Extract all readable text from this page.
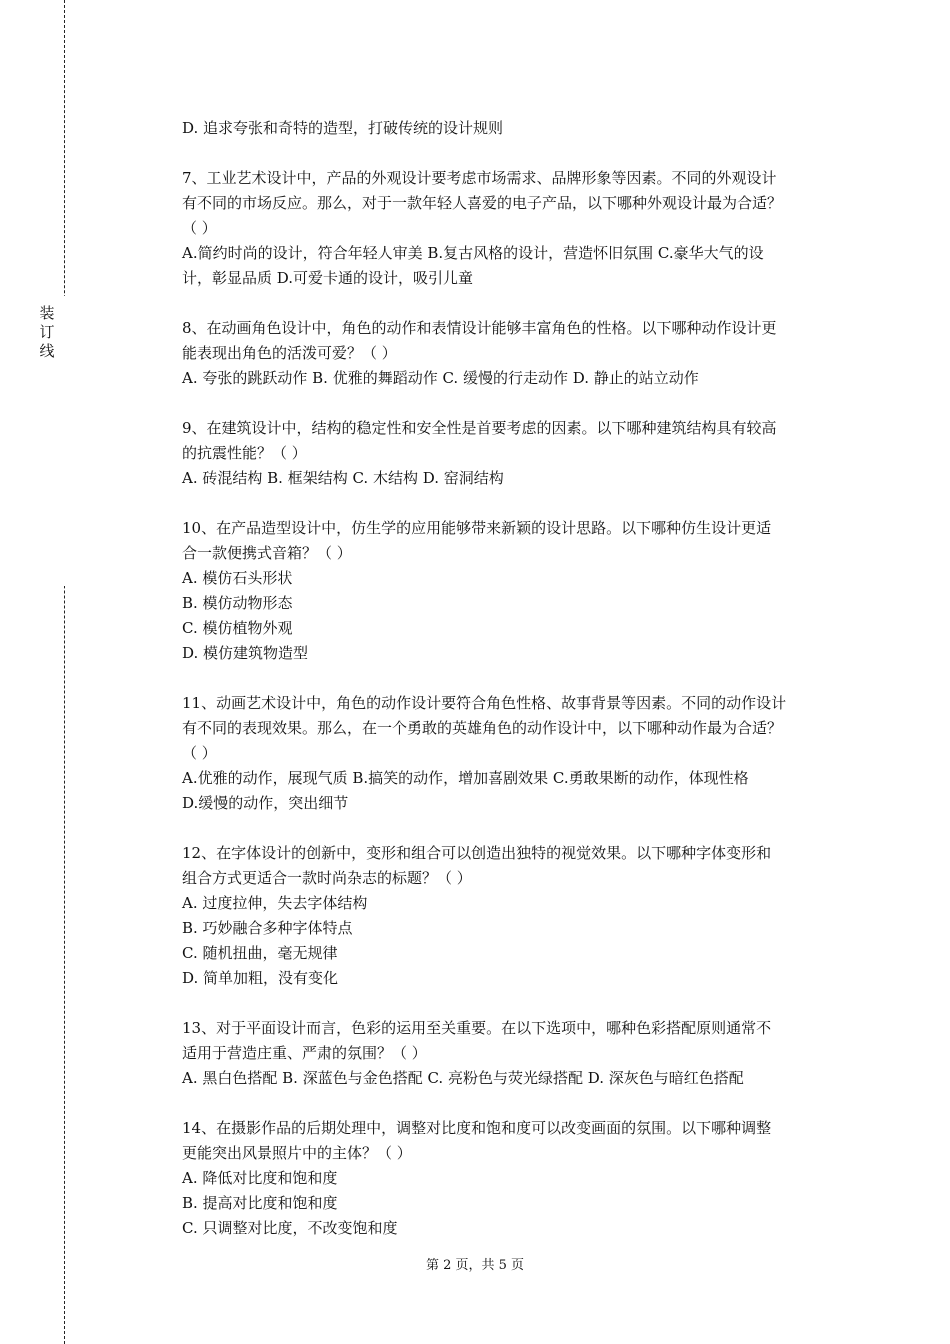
装订线
D. 追求夸张和奇特的造型，打破传统的设计规则
7、工业艺术设计中，产品的外观设计要考虑市场需求、品牌形象等因素。不同的外观设计
有不同的市场反应。那么，对于一款年轻人喜爱的电子产品，以下哪种外观设计最为合适？
（ ）
A.简约时尚的设计，符合年轻人审美 B.复古风格的设计，营造怀旧氛围 C.豪华大气的设
计，彰显品质 D.可爱卡通的设计，吸引儿童
8、在动画角色设计中，角色的动作和表情设计能够丰富角色的性格。以下哪种动作设计更
能表现出角色的活泼可爱？（ ）
A. 夸张的跳跃动作 B. 优雅的舞蹈动作 C. 缓慢的行走动作 D. 静止的站立动作
9、在建筑设计中，结构的稳定性和安全性是首要考虑的因素。以下哪种建筑结构具有较高
的抗震性能？（ ）
A. 砖混结构 B. 框架结构 C. 木结构 D. 窑洞结构
10、在产品造型设计中，仿生学的应用能够带来新颖的设计思路。以下哪种仿生设计更适
合一款便携式音箱？（ ）
A. 模仿石头形状
B. 模仿动物形态
C. 模仿植物外观
D. 模仿建筑物造型
11、动画艺术设计中，角色的动作设计要符合角色性格、故事背景等因素。不同的动作设计
有不同的表现效果。那么，在一个勇敢的英雄角色的动作设计中，以下哪种动作最为合适？
（ ）
A.优雅的动作，展现气质 B.搞笑的动作，增加喜剧效果 C.勇敢果断的动作，体现性格
D.缓慢的动作，突出细节
12、在字体设计的创新中，变形和组合可以创造出独特的视觉效果。以下哪种字体变形和
组合方式更适合一款时尚杂志的标题？（ ）
A. 过度拉伸，失去字体结构
B. 巧妙融合多种字体特点
C. 随机扭曲，毫无规律
D. 简单加粗，没有变化
13、对于平面设计而言，色彩的运用至关重要。在以下选项中，哪种色彩搭配原则通常不
适用于营造庄重、严肃的氛围？（ ）
A. 黑白色搭配 B. 深蓝色与金色搭配 C. 亮粉色与荧光绿搭配 D. 深灰色与暗红色搭配
14、在摄影作品的后期处理中，调整对比度和饱和度可以改变画面的氛围。以下哪种调整
更能突出风景照片中的主体？（ ）
A. 降低对比度和饱和度
B. 提高对比度和饱和度
C. 只调整对比度，不改变饱和度
第 2 页，共 5 页
